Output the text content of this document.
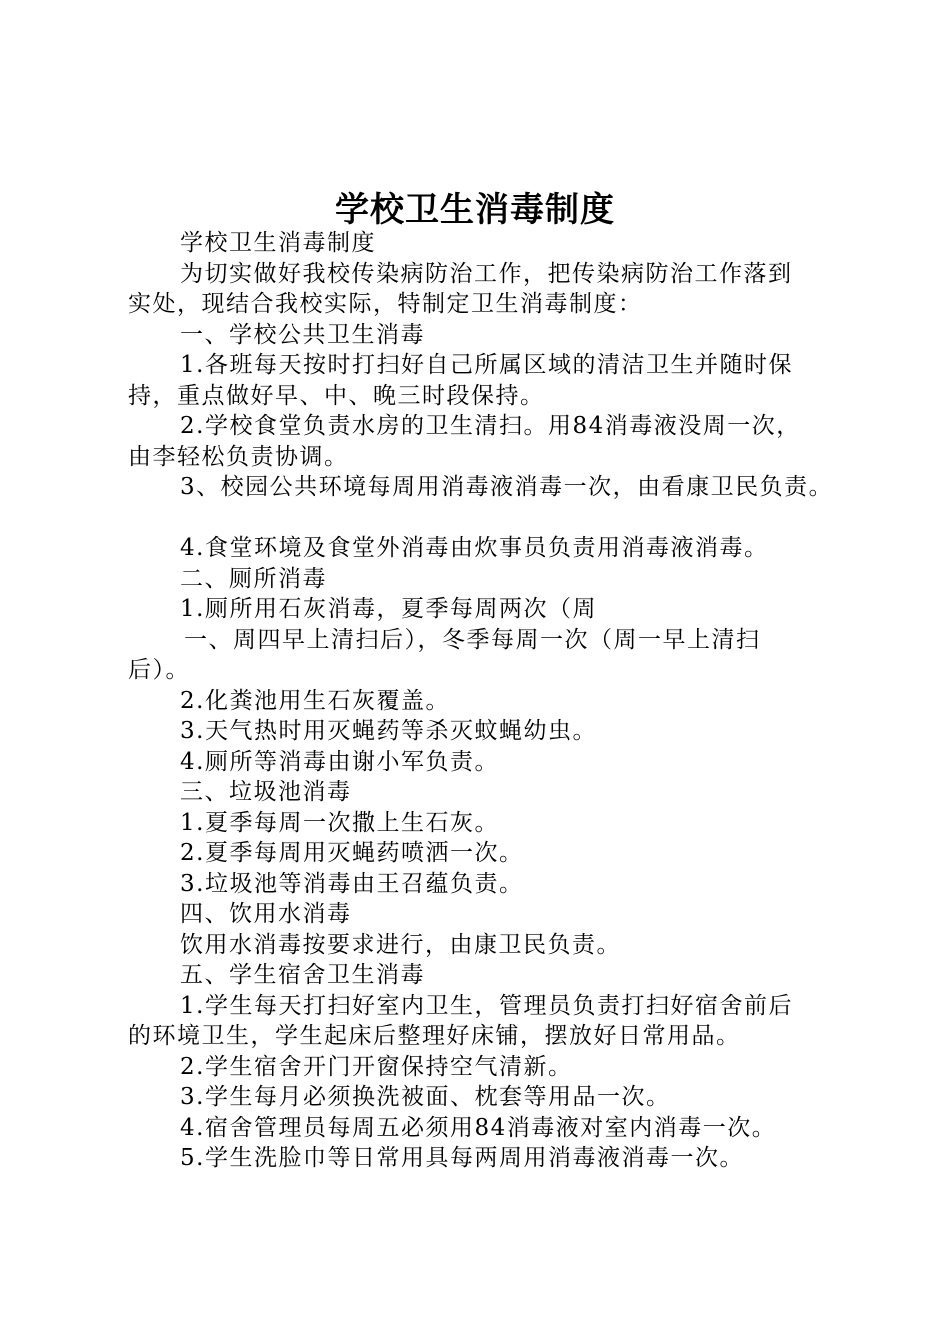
学校卫生消毒制度

学校卫生消毒制度

为切实做好我校传染病防治工作，把传染病防治工作落到

实处，现结合我校实际，特制定卫生消毒制度：

一、学校公共卫生消毒

1.各班每天按时打扫好自己所属区域的清洁卫生并随时保

持，重点做好早、中、晚三时段保持。

2.学校食堂负责水房的卫生清扫。用84消毒液没周一次，

由李轻松负责协调。

3、校园公共环境每周用消毒液消毒一次，由看康卫民负责。

4.食堂环境及食堂外消毒由炊事员负责用消毒液消毒。

二、厕所消毒

1.厕所用石灰消毒，夏季每周两次（周

一、周四早上清扫后），冬季每周一次（周一早上清扫

后）。

2.化粪池用生石灰覆盖。

3.天气热时用灭蝇药等杀灭蚊蝇幼虫。

4.厕所等消毒由谢小军负责。

三、垃圾池消毒

1.夏季每周一次撒上生石灰。

2.夏季每周用灭蝇药喷洒一次。

3.垃圾池等消毒由王召蕴负责。

四、饮用水消毒

饮用水消毒按要求进行，由康卫民负责。

五、学生宿舍卫生消毒

1.学生每天打扫好室内卫生，管理员负责打扫好宿舍前后

的环境卫生，学生起床后整理好床铺，摆放好日常用品。

2.学生宿舍开门开窗保持空气清新。

3.学生每月必须换洗被面、枕套等用品一次。

4.宿舍管理员每周五必须用84消毒液对室内消毒一次。

5.学生洗脸巾等日常用具每两周用消毒液消毒一次。
